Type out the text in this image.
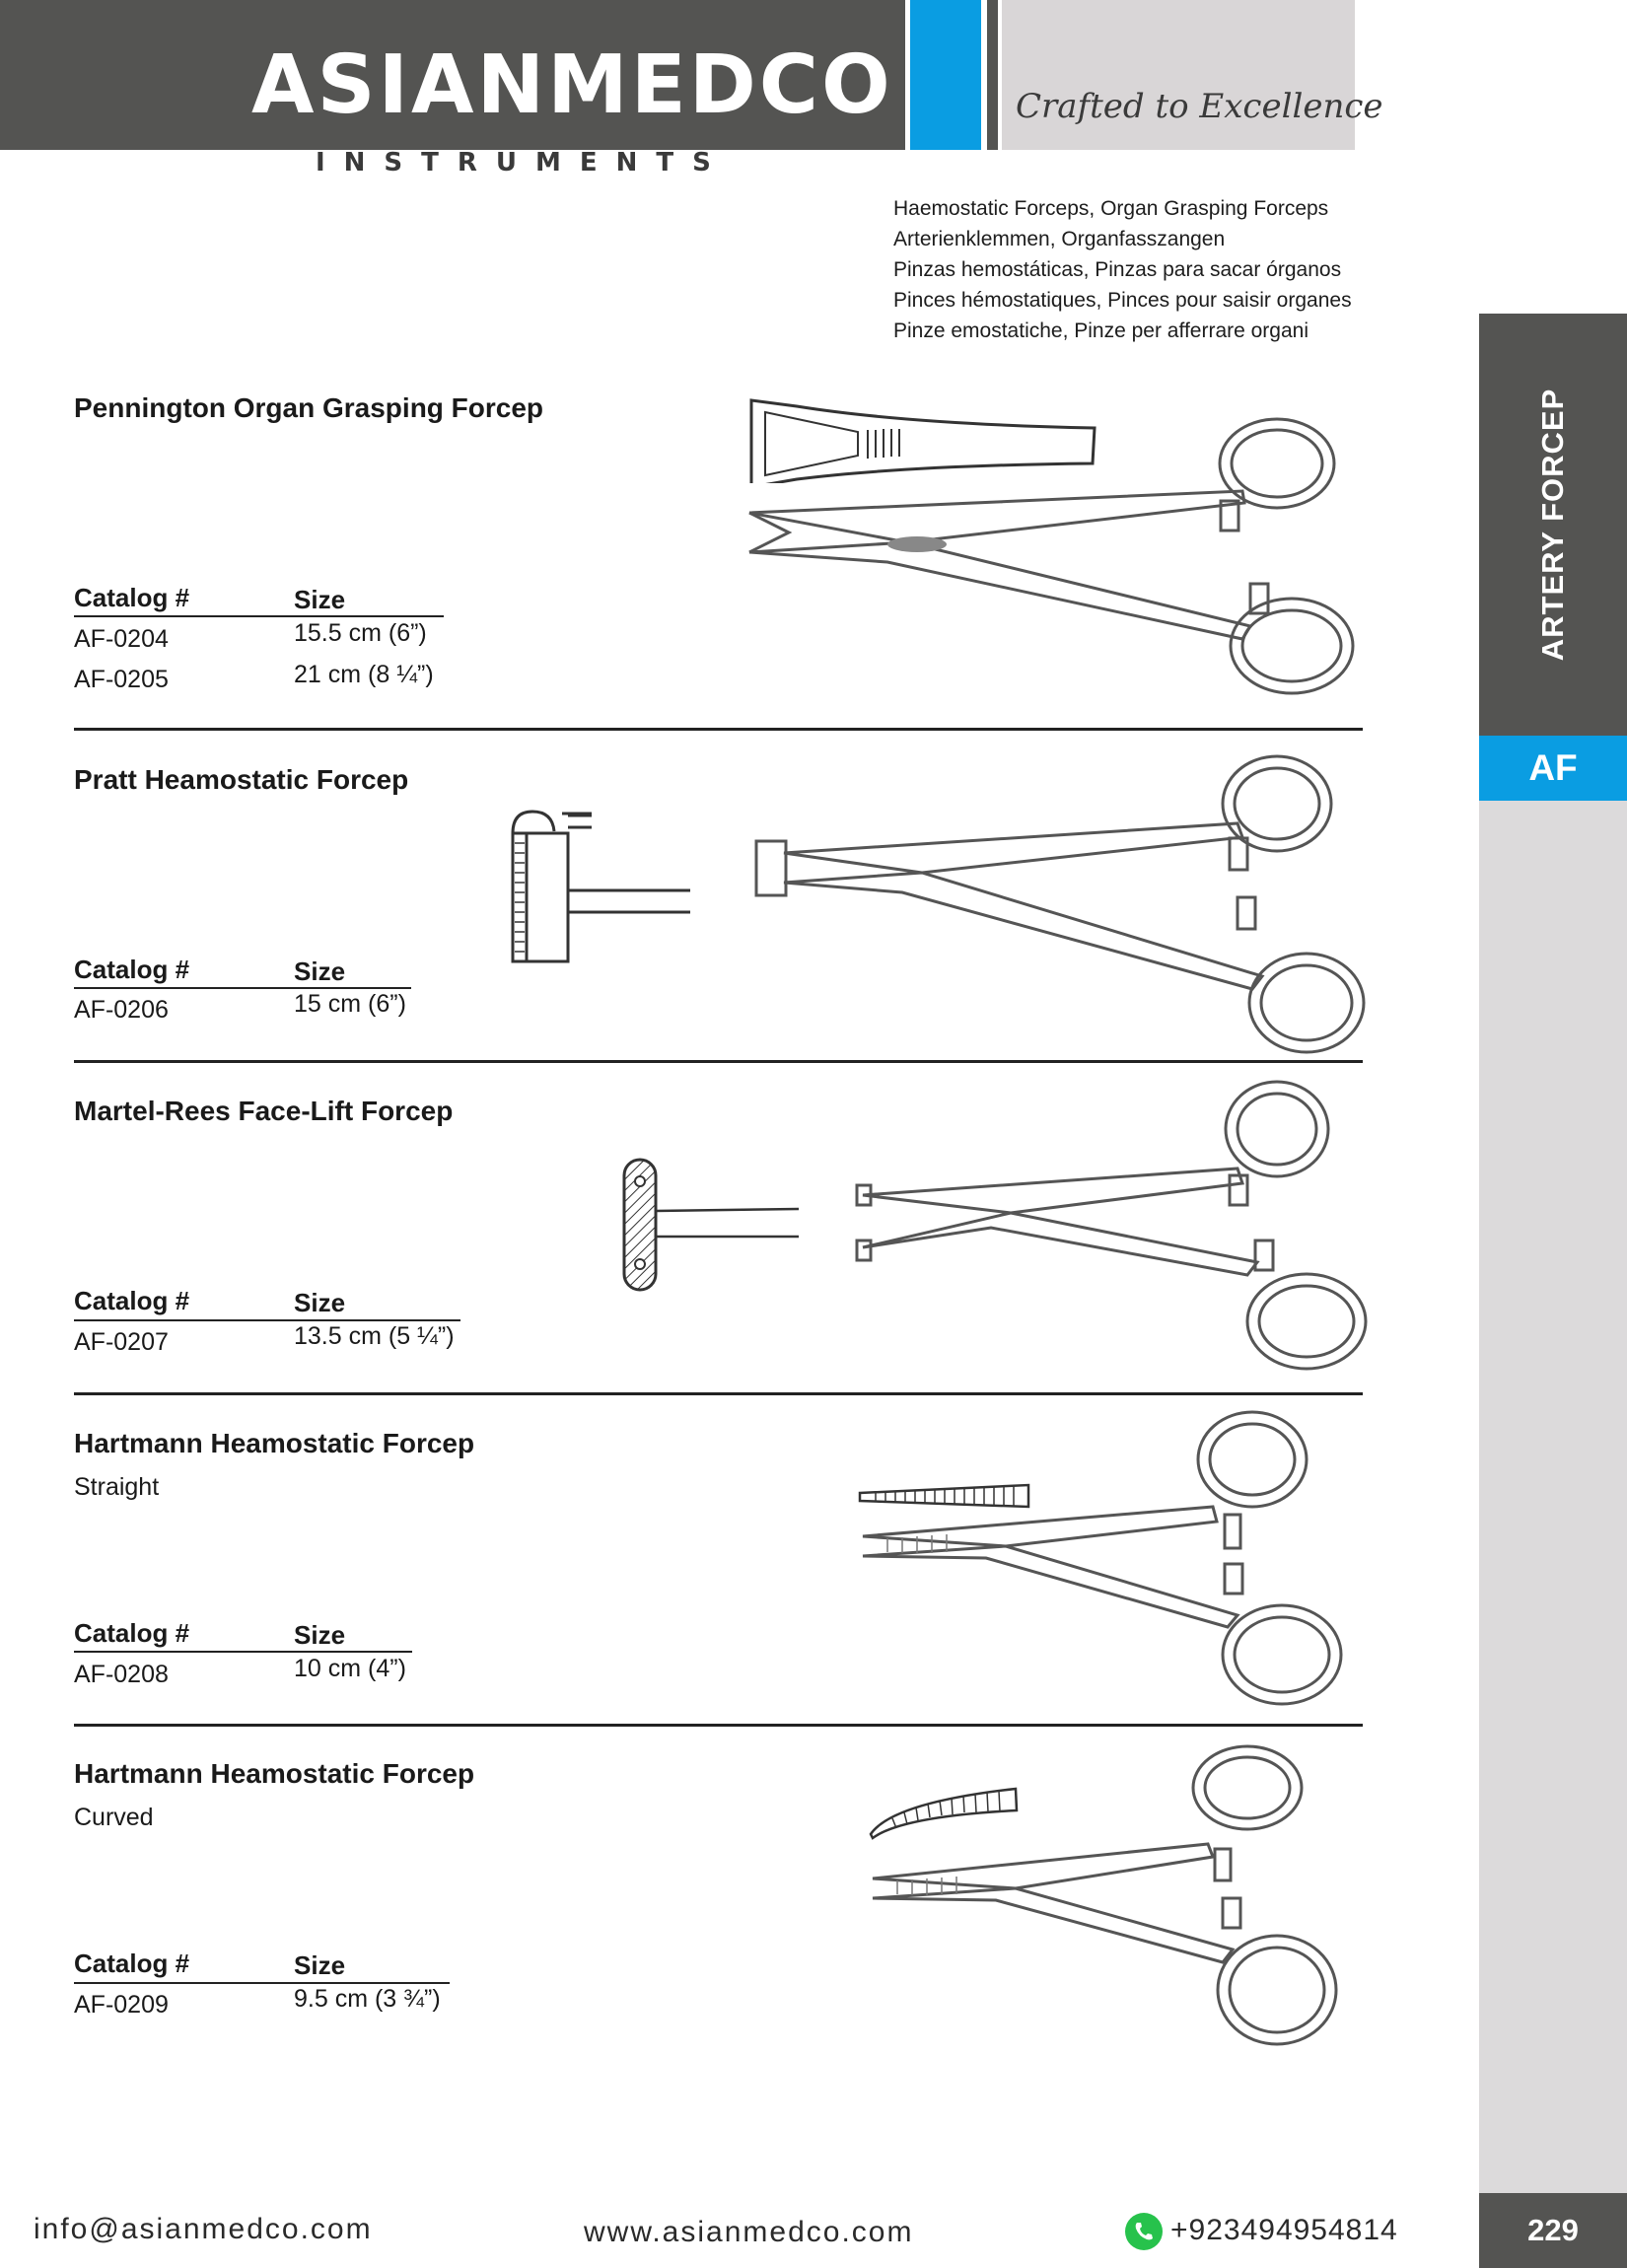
ASIANMEDCO
INSTRUMENTS
Crafted to Excellence
Haemostatic Forceps, Organ Grasping Forceps
Arterienklemmen, Organfasszangen
Pinzas hemostáticas, Pinzas para sacar órganos
Pinces hémostatiques, Pinces pour saisir organes
Pinze emostatiche, Pinze per afferrare organi
ARTERY FORCEP
AF
229
Pennington Organ Grasping Forcep
Catalog #	Size
AF-0204	15.5 cm (6”)
AF-0205	21 cm (8 ¼”)
Pratt Heamostatic Forcep
Catalog #	Size
AF-0206	15 cm (6”)
Martel-Rees Face-Lift Forcep
Catalog #	Size
AF-0207	13.5 cm (5 ¼”)
Hartmann Heamostatic Forcep
Straight
Catalog #	Size
AF-0208	10 cm (4”)
Hartmann Heamostatic Forcep
Curved
Catalog #	Size
AF-0209	9.5 cm (3 ¾”)
info@asianmedco.com	www.asianmedco.com	+923494954814
